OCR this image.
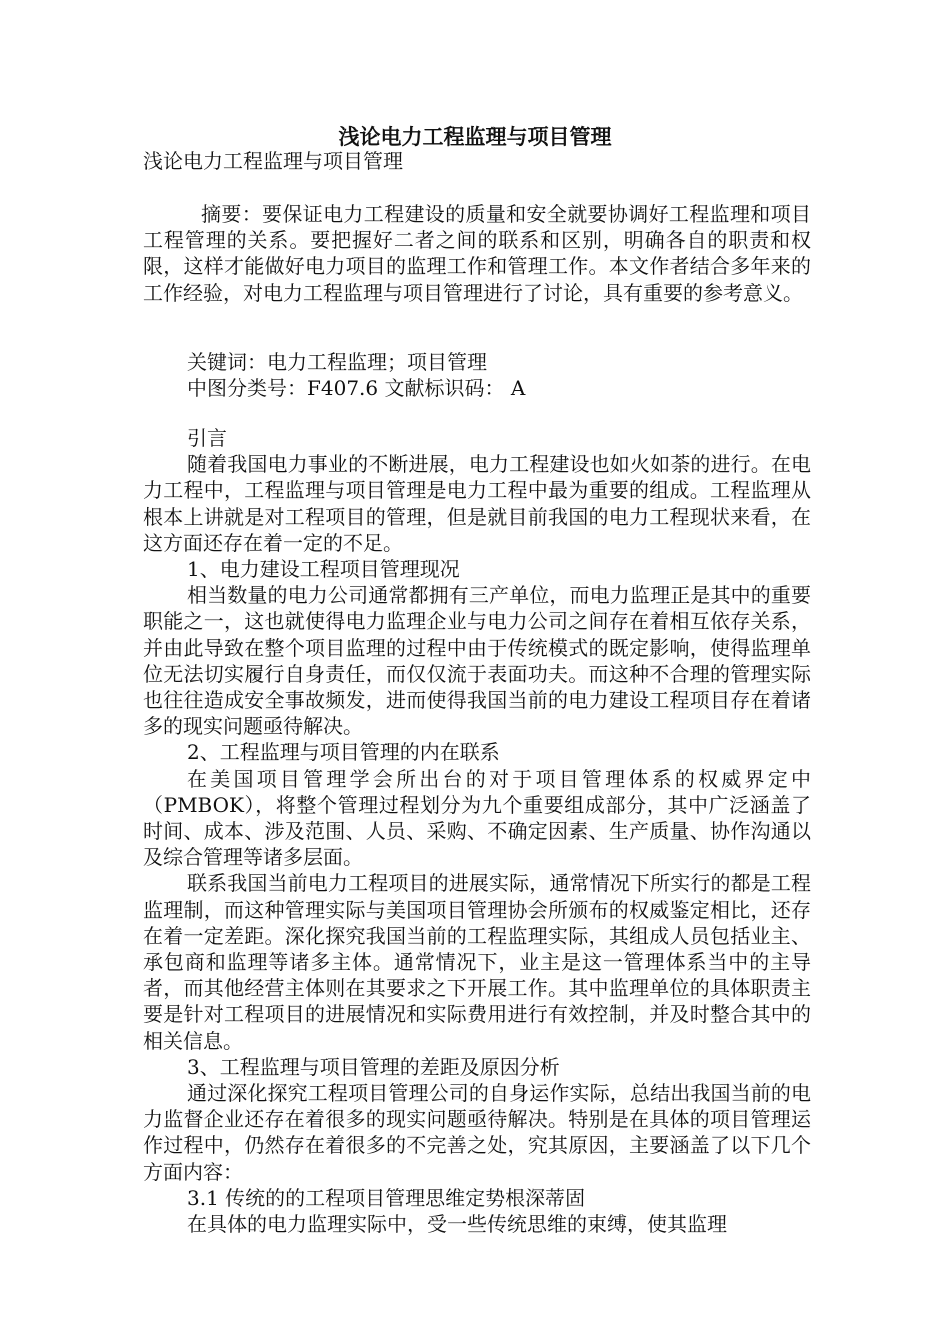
浅论电力工程监理与项目管理
浅论电力工程监理与项目管理

摘要：要保证电力工程建设的质量和安全就要协调好工程监理和项目工程管理的关系。要把握好二者之间的联系和区别，明确各自的职责和权限，这样才能做好电力项目的监理工作和管理工作。本文作者结合多年来的工作经验，对电力工程监理与项目管理进行了讨论，具有重要的参考意义。

关键词：电力工程监理；项目管理
中图分类号：F407.6 文献标识码： A

引言

随着我国电力事业的不断进展，电力工程建设也如火如荼的进行。在电力工程中，工程监理与项目管理是电力工程中最为重要的组成。工程监理从根本上讲就是对工程项目的管理，但是就目前我国的电力工程现状来看，在这方面还存在着一定的不足。

1、电力建设工程项目管理现况

相当数量的电力公司通常都拥有三产单位，而电力监理正是其中的重要职能之一，这也就使得电力监理企业与电力公司之间存在着相互依存关系，并由此导致在整个项目监理的过程中由于传统模式的既定影响，使得监理单位无法切实履行自身责任，而仅仅流于表面功夫。而这种不合理的管理实际也往往造成安全事故频发，进而使得我国当前的电力建设工程项目存在着诸多的现实问题亟待解决。

2、工程监理与项目管理的内在联系

在美国项目管理学会所出台的对于项目管理体系的权威界定中（PMBOK），将整个管理过程划分为九个重要组成部分，其中广泛涵盖了时间、成本、涉及范围、人员、采购、不确定因素、生产质量、协作沟通以及综合管理等诸多层面。

联系我国当前电力工程项目的进展实际，通常情况下所实行的都是工程监理制，而这种管理实际与美国项目管理协会所颁布的权威鉴定相比，还存在着一定差距。深化探究我国当前的工程监理实际，其组成人员包括业主、承包商和监理等诸多主体。通常情况下，业主是这一管理体系当中的主导者，而其他经营主体则在其要求之下开展工作。其中监理单位的具体职责主要是针对工程项目的进展情况和实际费用进行有效控制，并及时整合其中的相关信息。

3、工程监理与项目管理的差距及原因分析

通过深化探究工程项目管理公司的自身运作实际，总结出我国当前的电力监督企业还存在着很多的现实问题亟待解决。特别是在具体的项目管理运作过程中，仍然存在着很多的不完善之处，究其原因，主要涵盖了以下几个方面内容：

3.1 传统的的工程项目管理思维定势根深蒂固

在具体的电力监理实际中，受一些传统思维的束缚，使其监理
